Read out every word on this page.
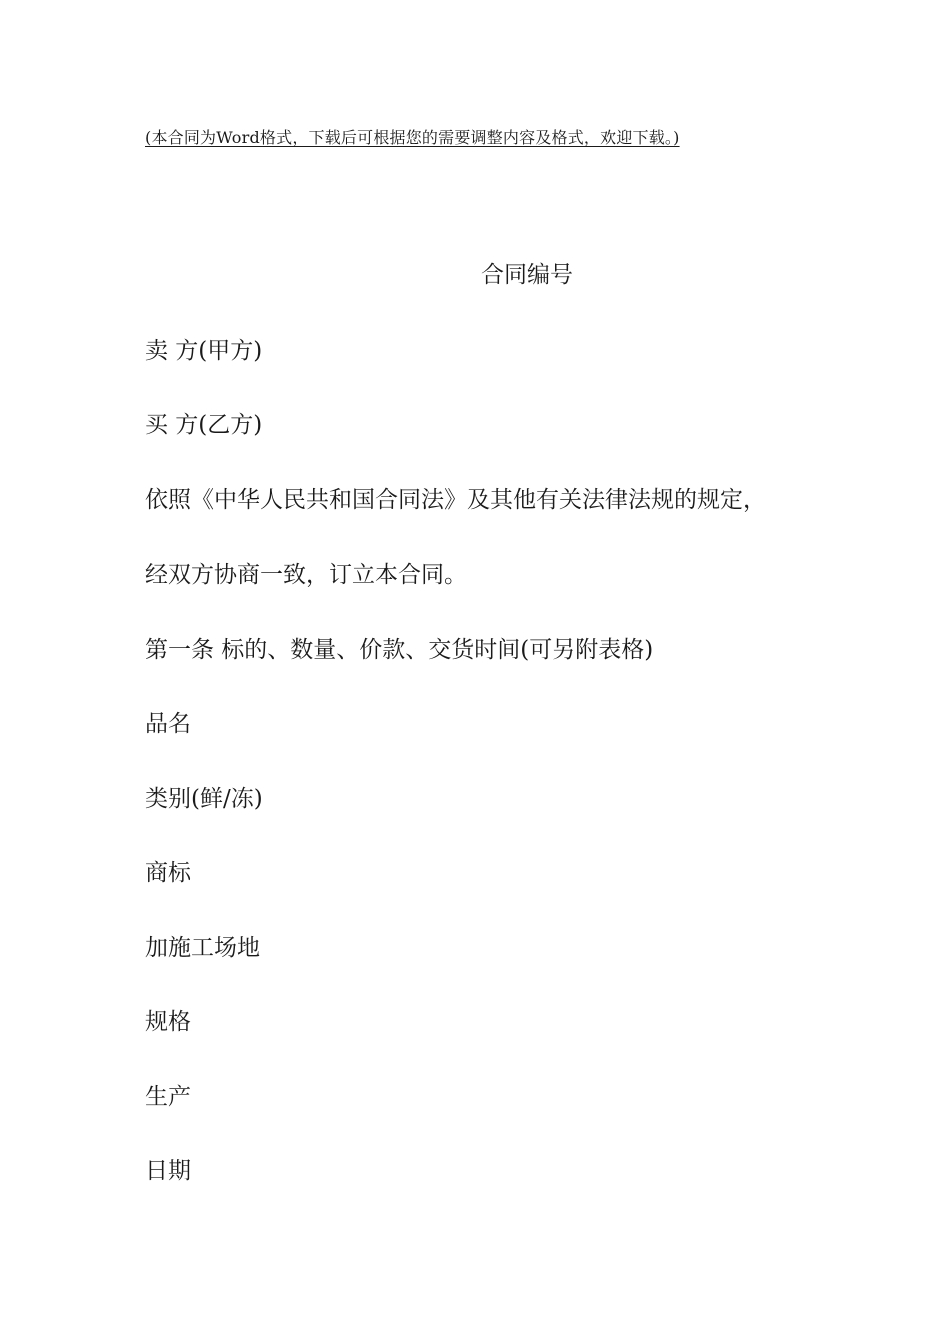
(本合同为Word格式，下载后可根据您的需要调整内容及格式，欢迎下载。)
合同编号
卖 方(甲方)
买 方(乙方)
依照《中华人民共和国合同法》及其他有关法律法规的规定，
经双方协商一致，订立本合同。
第一条 标的、数量、价款、交货时间(可另附表格)
品名
类别(鲜/冻)
商标
加施工场地
规格
生产
日期
